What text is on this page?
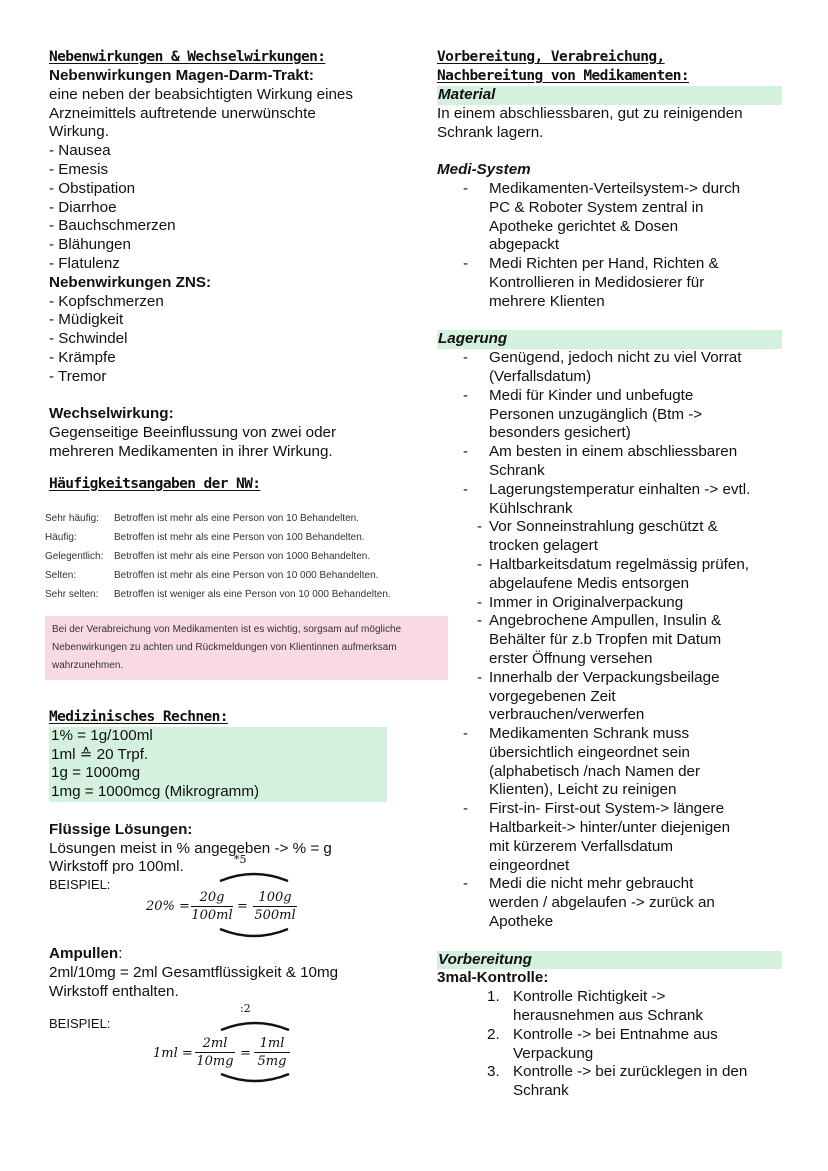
Nebenwirkungen & Wechselwirkungen:
Nebenwirkungen Magen-Darm-Trakt:
eine neben der beabsichtigten Wirkung eines
Arzneimittels auftretende unerwünschte
Wirkung.
- Nausea
- Emesis
- Obstipation
- Diarrhoe
- Bauchschmerzen
- Blähungen
- Flatulenz
Nebenwirkungen ZNS:
- Kopfschmerzen
- Müdigkeit
- Schwindel
- Krämpfe
- Tremor
Wechselwirkung:
Gegenseitige Beeinflussung von zwei oder
mehreren Medikamenten in ihrer Wirkung.
Häufigkeitsangaben der NW:
Sehr häufig: Betroffen ist mehr als eine Person von 10 Behandelten.
Häufig:	Betroffen ist mehr als eine Person von 100 Behandelten.
Gelegentlich: Betroffen ist mehr als eine Person von 1000 Behandelten.
Selten:	Betroffen ist mehr als eine Person von 10 000 Behandelten.
Sehr selten: Betroffen ist weniger als eine Person von 10 000 Behandelten.
Bei der Verabreichung von Medikamenten ist es wichtig, sorgsam auf mögliche
Nebenwirkungen zu achten und Rückmeldungen von Klientinnen aufmerksam
wahrzunehmen.
Medizinisches Rechnen:
1% = 1g/100ml
1ml ≙ 20 Trpf.
1g = 1000mg
1mg = 1000mcg (Mikrogramm)
Flüssige Lösungen:
Lösungen meist in % angegeben -> % = g
Wirkstoff pro 100ml.
BEISPIEL:
*5
20% =
20g
100ml
=
100g
500ml
Ampullen:
2ml/10mg = 2ml Gesamtflüssigkeit & 10mg
Wirkstoff enthalten.
BEISPIEL:
:2
1ml =
2ml
10mg
=
1ml
5mg
Vorbereitung, Verabreichung,
Nachbereitung von Medikamenten:
Material
In einem abschliessbaren, gut zu reinigenden
Schrank lagern.
Medi-System
- Medikamenten-Verteilsystem-> durch
PC & Roboter System zentral in
Apotheke gerichtet & Dosen
abgepackt
- Medi Richten per Hand, Richten &
Kontrollieren in Medidosierer für
mehrere Klienten
Lagerung
- Genügend, jedoch nicht zu viel Vorrat
(Verfallsdatum)
- Medi für Kinder und unbefugte
Personen unzugänglich (Btm ->
besonders gesichert)
- Am besten in einem abschliessbaren
Schrank
- Lagerungstemperatur einhalten -> evtl.
Kühlschrank
- Vor Sonneinstrahlung geschützt &
trocken gelagert
- Haltbarkeitsdatum regelmässig prüfen,
abgelaufene Medis entsorgen
- Immer in Originalverpackung
- Angebrochene Ampullen, Insulin &
Behälter für z.b Tropfen mit Datum
erster Öffnung versehen
- Innerhalb der Verpackungsbeilage
vorgegebenen Zeit
verbrauchen/verwerfen
- Medikamenten Schrank muss
übersichtlich eingeordnet sein
(alphabetisch /nach Namen der
Klienten), Leicht zu reinigen
- First-in- First-out System-> längere
Haltbarkeit-> hinter/unter diejenigen
mit kürzerem Verfallsdatum
eingeordnet
- Medi die nicht mehr gebraucht
werden / abgelaufen -> zurück an
Apotheke
Vorbereitung
3mal-Kontrolle:
1. Kontrolle Richtigkeit ->
herausnehmen aus Schrank
2. Kontrolle -> bei Entnahme aus
Verpackung
3. Kontrolle -> bei zurücklegen in den
Schrank
